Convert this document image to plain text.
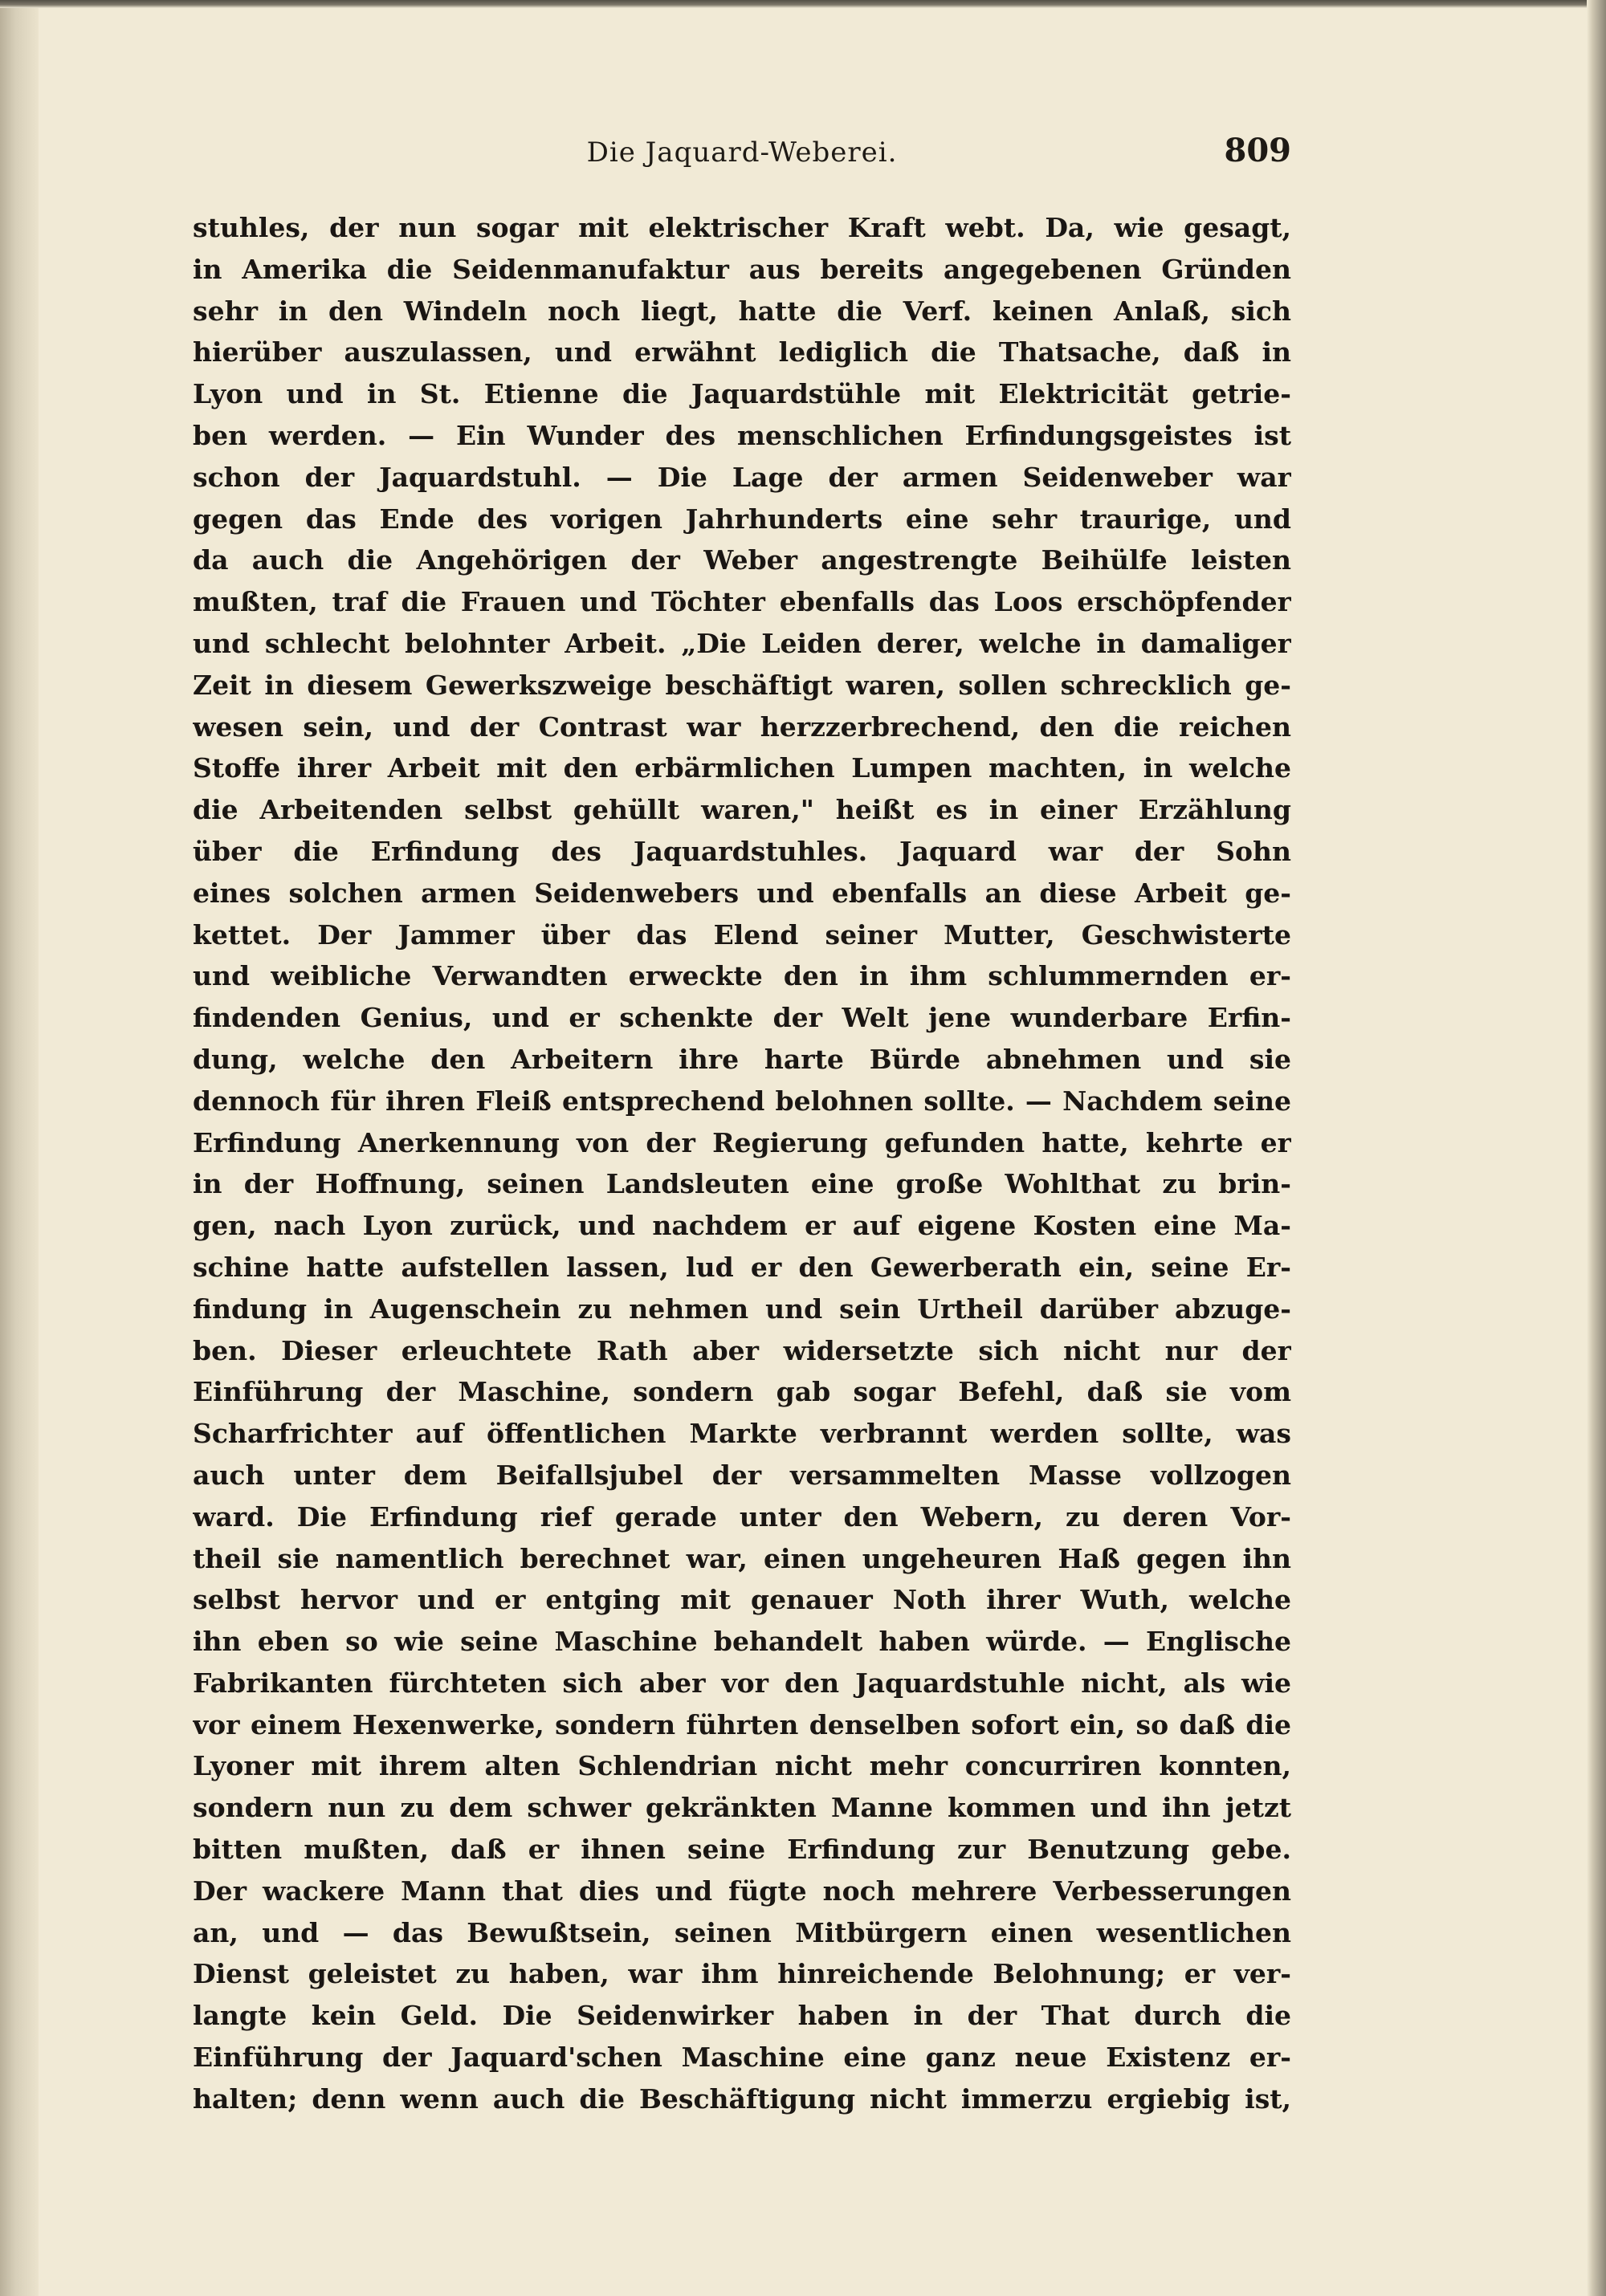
Die Jaquard-Weberei.	809
stuhles, der nun sogar mit elektrischer Kraft webt. Da, wie gesagt,
in Amerika die Seidenmanufaktur aus bereits angegebenen Gründen
sehr in den Windeln noch liegt, hatte die Verf. keinen Anlaß, sich
hierüber auszulassen, und erwähnt lediglich die Thatsache, daß in
Lyon und in St. Etienne die Jaquardstühle mit Elektricität getrie-
ben werden. — Ein Wunder des menschlichen Erfindungsgeistes ist
schon der Jaquardstuhl. — Die Lage der armen Seidenweber war
gegen das Ende des vorigen Jahrhunderts eine sehr traurige, und
da auch die Angehörigen der Weber angestrengte Beihülfe leisten
mußten, traf die Frauen und Töchter ebenfalls das Loos erschöpfender
und schlecht belohnter Arbeit. „Die Leiden derer, welche in damaliger
Zeit in diesem Gewerkszweige beschäftigt waren, sollen schrecklich ge-
wesen sein, und der Contrast war herzzerbrechend, den die reichen
Stoffe ihrer Arbeit mit den erbärmlichen Lumpen machten, in welche
die Arbeitenden selbst gehüllt waren," heißt es in einer Erzählung
über die Erfindung des Jaquardstuhles. Jaquard war der Sohn
eines solchen armen Seidenwebers und ebenfalls an diese Arbeit ge-
kettet. Der Jammer über das Elend seiner Mutter, Geschwisterte
und weibliche Verwandten erweckte den in ihm schlummernden er-
findenden Genius, und er schenkte der Welt jene wunderbare Erfin-
dung, welche den Arbeitern ihre harte Bürde abnehmen und sie
dennoch für ihren Fleiß entsprechend belohnen sollte. — Nachdem seine
Erfindung Anerkennung von der Regierung gefunden hatte, kehrte er
in der Hoffnung, seinen Landsleuten eine große Wohlthat zu brin-
gen, nach Lyon zurück, und nachdem er auf eigene Kosten eine Ma-
schine hatte aufstellen lassen, lud er den Gewerberath ein, seine Er-
findung in Augenschein zu nehmen und sein Urtheil darüber abzuge-
ben. Dieser erleuchtete Rath aber widersetzte sich nicht nur der
Einführung der Maschine, sondern gab sogar Befehl, daß sie vom
Scharfrichter auf öffentlichen Markte verbrannt werden sollte, was
auch unter dem Beifallsjubel der versammelten Masse vollzogen
ward. Die Erfindung rief gerade unter den Webern, zu deren Vor-
theil sie namentlich berechnet war, einen ungeheuren Haß gegen ihn
selbst hervor und er entging mit genauer Noth ihrer Wuth, welche
ihn eben so wie seine Maschine behandelt haben würde. — Englische
Fabrikanten fürchteten sich aber vor den Jaquardstuhle nicht, als wie
vor einem Hexenwerke, sondern führten denselben sofort ein, so daß die
Lyoner mit ihrem alten Schlendrian nicht mehr concurriren konnten,
sondern nun zu dem schwer gekränkten Manne kommen und ihn jetzt
bitten mußten, daß er ihnen seine Erfindung zur Benutzung gebe.
Der wackere Mann that dies und fügte noch mehrere Verbesserungen
an, und — das Bewußtsein, seinen Mitbürgern einen wesentlichen
Dienst geleistet zu haben, war ihm hinreichende Belohnung; er ver-
langte kein Geld. Die Seidenwirker haben in der That durch die
Einführung der Jaquard'schen Maschine eine ganz neue Existenz er-
halten; denn wenn auch die Beschäftigung nicht immerzu ergiebig ist,
